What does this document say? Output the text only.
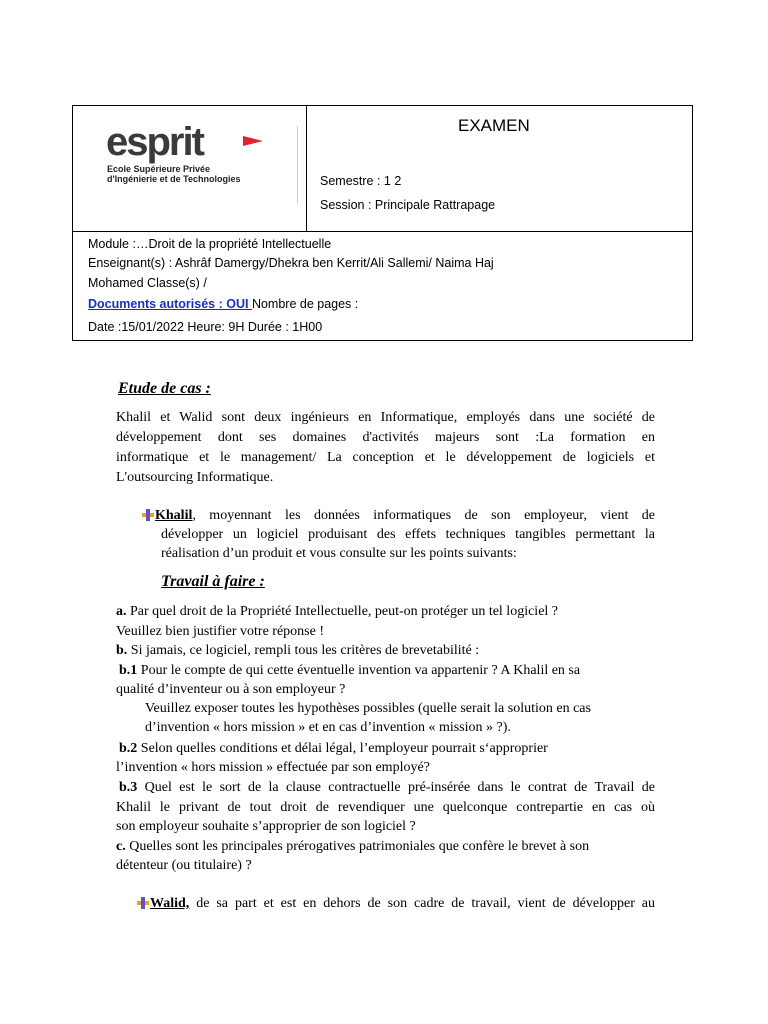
esprit
Ecole Supérieure Privée
d'Ingénierie et de Technologies
EXAMEN
Semestre : 1 2
Session : Principale Rattrapage
Module :…Droit de la propriété Intellectuelle
Enseignant(s) : Ashrâf Damergy/Dhekra ben Kerrit/Ali Sallemi/ Naima Haj
Mohamed Classe(s) /
Documents autorisés : OUI Nombre de pages :
Date :15/01/2022 Heure: 9H Durée : 1H00
Etude de cas :
Khalil et Walid sont deux ingénieurs en Informatique, employés dans une société de
développement dont ses domaines d'activités majeurs sont :La formation en
informatique et le management/ La conception et le développement de logiciels et
L'outsourcing Informatique.
Khalil, moyennant les données informatiques de son employeur, vient de
développer un logiciel produisant des effets techniques tangibles permettant la
réalisation d’un produit et vous consulte sur les points suivants:
Travail à faire :
a. Par quel droit de la Propriété Intellectuelle, peut-on protéger un tel logiciel ?
Veuillez bien justifier votre réponse !
b. Si jamais, ce logiciel, rempli tous les critères de brevetabilité :
b.1 Pour le compte de qui cette éventuelle invention va appartenir ? A Khalil en sa
qualité d’inventeur ou à son employeur ?
Veuillez exposer toutes les hypothèses possibles (quelle serait la solution en cas
d’invention « hors mission » et en cas d’invention « mission » ?).
b.2 Selon quelles conditions et délai légal, l’employeur pourrait s‘approprier
l’invention « hors mission » effectuée par son employé?
b.3 Quel est le sort de la clause contractuelle pré-insérée dans le contrat de Travail de
Khalil le privant de tout droit de revendiquer une quelconque contrepartie en cas où
son employeur souhaite s’approprier de son logiciel ?
c. Quelles sont les principales prérogatives patrimoniales que confère le brevet à son
détenteur (ou titulaire) ?
Walid, de sa part et est en dehors de son cadre de travail, vient de développer au
